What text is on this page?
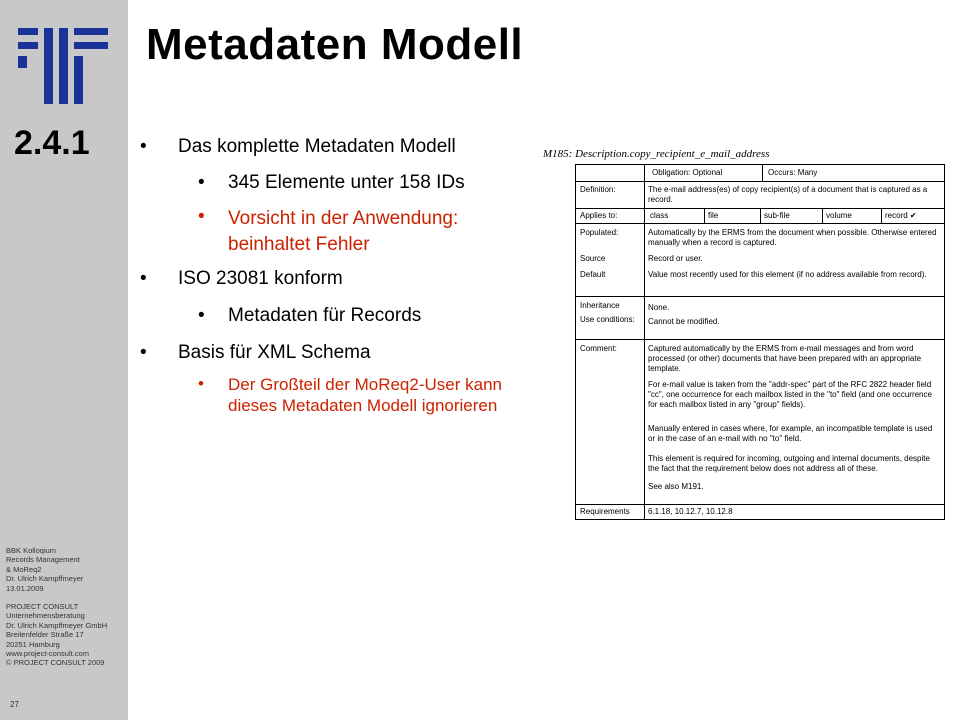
2.4.1
BBK Kolloqium
Records Management
& MoReq2
Dr. Ulrich Kampffmeyer
13.01.2009
PROJECT CONSULT
Unternehmensberatung
Dr. Ulrich Kampffmeyer GmbH
Breitenfelder Straße 17
20251 Hamburg
www.project-consult.com
© PROJECT CONSULT 2009
27
Metadaten Modell
• Das komplette Metadaten Modell
• 345 Elemente unter 158 IDs
• Vorsicht in der Anwendung: beinhaltet Fehler
• ISO 23081 konform
• Metadaten für Records
• Basis für XML Schema
• Der Großteil der MoReq2-User kann dieses Metadaten Modell ignorieren
M185: Description.copy_recipient_e_mail_address
Obligation: Optional	Occurs: Many
Definition:	The e-mail address(es) of copy recipient(s) of a document that is captured as a record.
Applies to:	class	file	sub-file	volume	record ✔
Populated:	Automatically by the ERMS from the document when possible. Otherwise entered manually when a record is captured.
Source	Record or user.
Default	Value most recently used for this element (if no address available from record).
Inheritance	None.
Use conditions:	Cannot be modified.
Comment:	Captured automatically by the ERMS from e-mail messages and from word processed (or other) documents that have been prepared with an appropriate template.
For e-mail value is taken from the "addr-spec" part of the RFC 2822 header field "cc", one occurrence for each mailbox listed in the "to" field (and one occurrence for each mailbox listed in any "group" fields).
Manually entered in cases where, for example, an incompatible template is used or in the case of an e-mail with no "to" field.
This element is required for incoming, outgoing and internal documents, despite the fact that the requirement below does not address all of these.
See also M191.
Requirements	6.1.18, 10.12.7, 10.12.8
